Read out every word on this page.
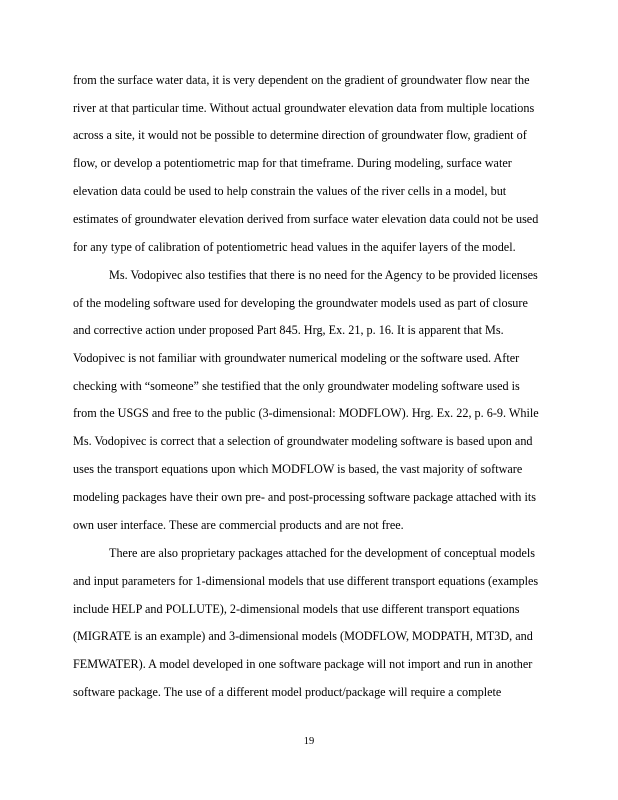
from the surface water data, it is very dependent on the gradient of groundwater flow near the
river at that particular time. Without actual groundwater elevation data from multiple locations
across a site, it would not be possible to determine direction of groundwater flow, gradient of
flow, or develop a potentiometric map for that timeframe. During modeling, surface water
elevation data could be used to help constrain the values of the river cells in a model, but
estimates of groundwater elevation derived from surface water elevation data could not be used
for any type of calibration of potentiometric head values in the aquifer layers of the model.
Ms. Vodopivec also testifies that there is no need for the Agency to be provided licenses
of the modeling software used for developing the groundwater models used as part of closure
and corrective action under proposed Part 845. Hrg, Ex. 21, p. 16. It is apparent that Ms.
Vodopivec is not familiar with groundwater numerical modeling or the software used. After
checking with “someone” she testified that the only groundwater modeling software used is
from the USGS and free to the public (3-dimensional: MODFLOW). Hrg. Ex. 22, p. 6-9. While
Ms. Vodopivec is correct that a selection of groundwater modeling software is based upon and
uses the transport equations upon which MODFLOW is based, the vast majority of software
modeling packages have their own pre- and post-processing software package attached with its
own user interface. These are commercial products and are not free.
There are also proprietary packages attached for the development of conceptual models
and input parameters for 1-dimensional models that use different transport equations (examples
include HELP and POLLUTE), 2-dimensional models that use different transport equations
(MIGRATE is an example) and 3-dimensional models (MODFLOW, MODPATH, MT3D, and
FEMWATER). A model developed in one software package will not import and run in another
software package. The use of a different model product/package will require a complete
19
